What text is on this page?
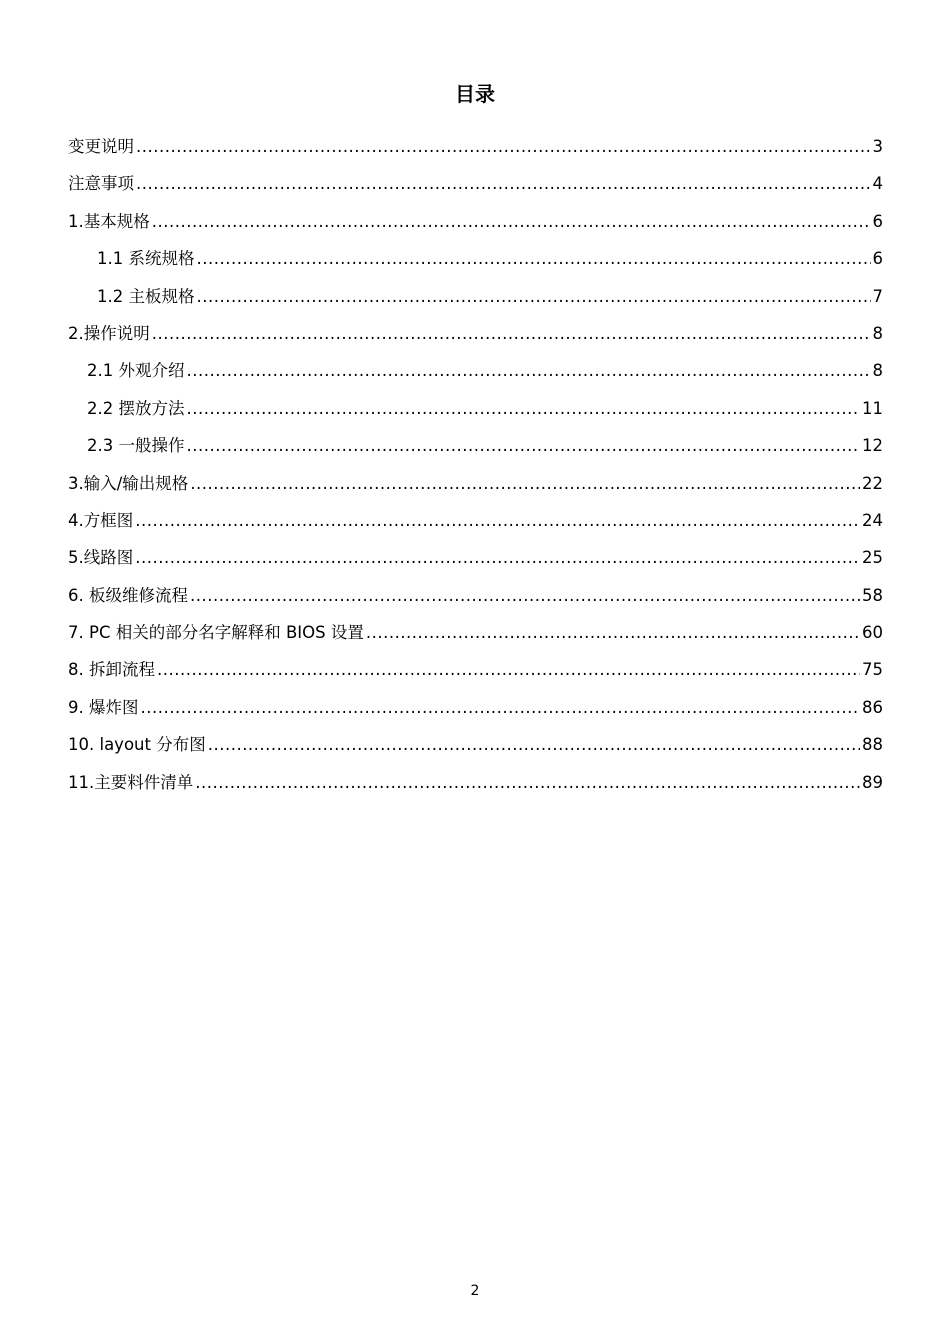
目录
变更说明 .....	3
注意事项 .....	4
1.基本规格 .....	6
1.1 系统规格 .....	6
1.2 主板规格 .....	7
2.操作说明 .....	8
2.1 外观介绍 .....	8
2.2 摆放方法 .....	11
2.3 一般操作 .....	12
3.输入/输出规格 .....	22
4.方框图 .....	24
5.线路图 .....	25
6. 板级维修流程 .....	58
7. PC 相关的部分名字解释和 BIOS 设置 .....	60
8. 拆卸流程 .....	75
9. 爆炸图 .....	86
10. layout 分布图 .....	88
11.主要料件清单 .....	89
2
